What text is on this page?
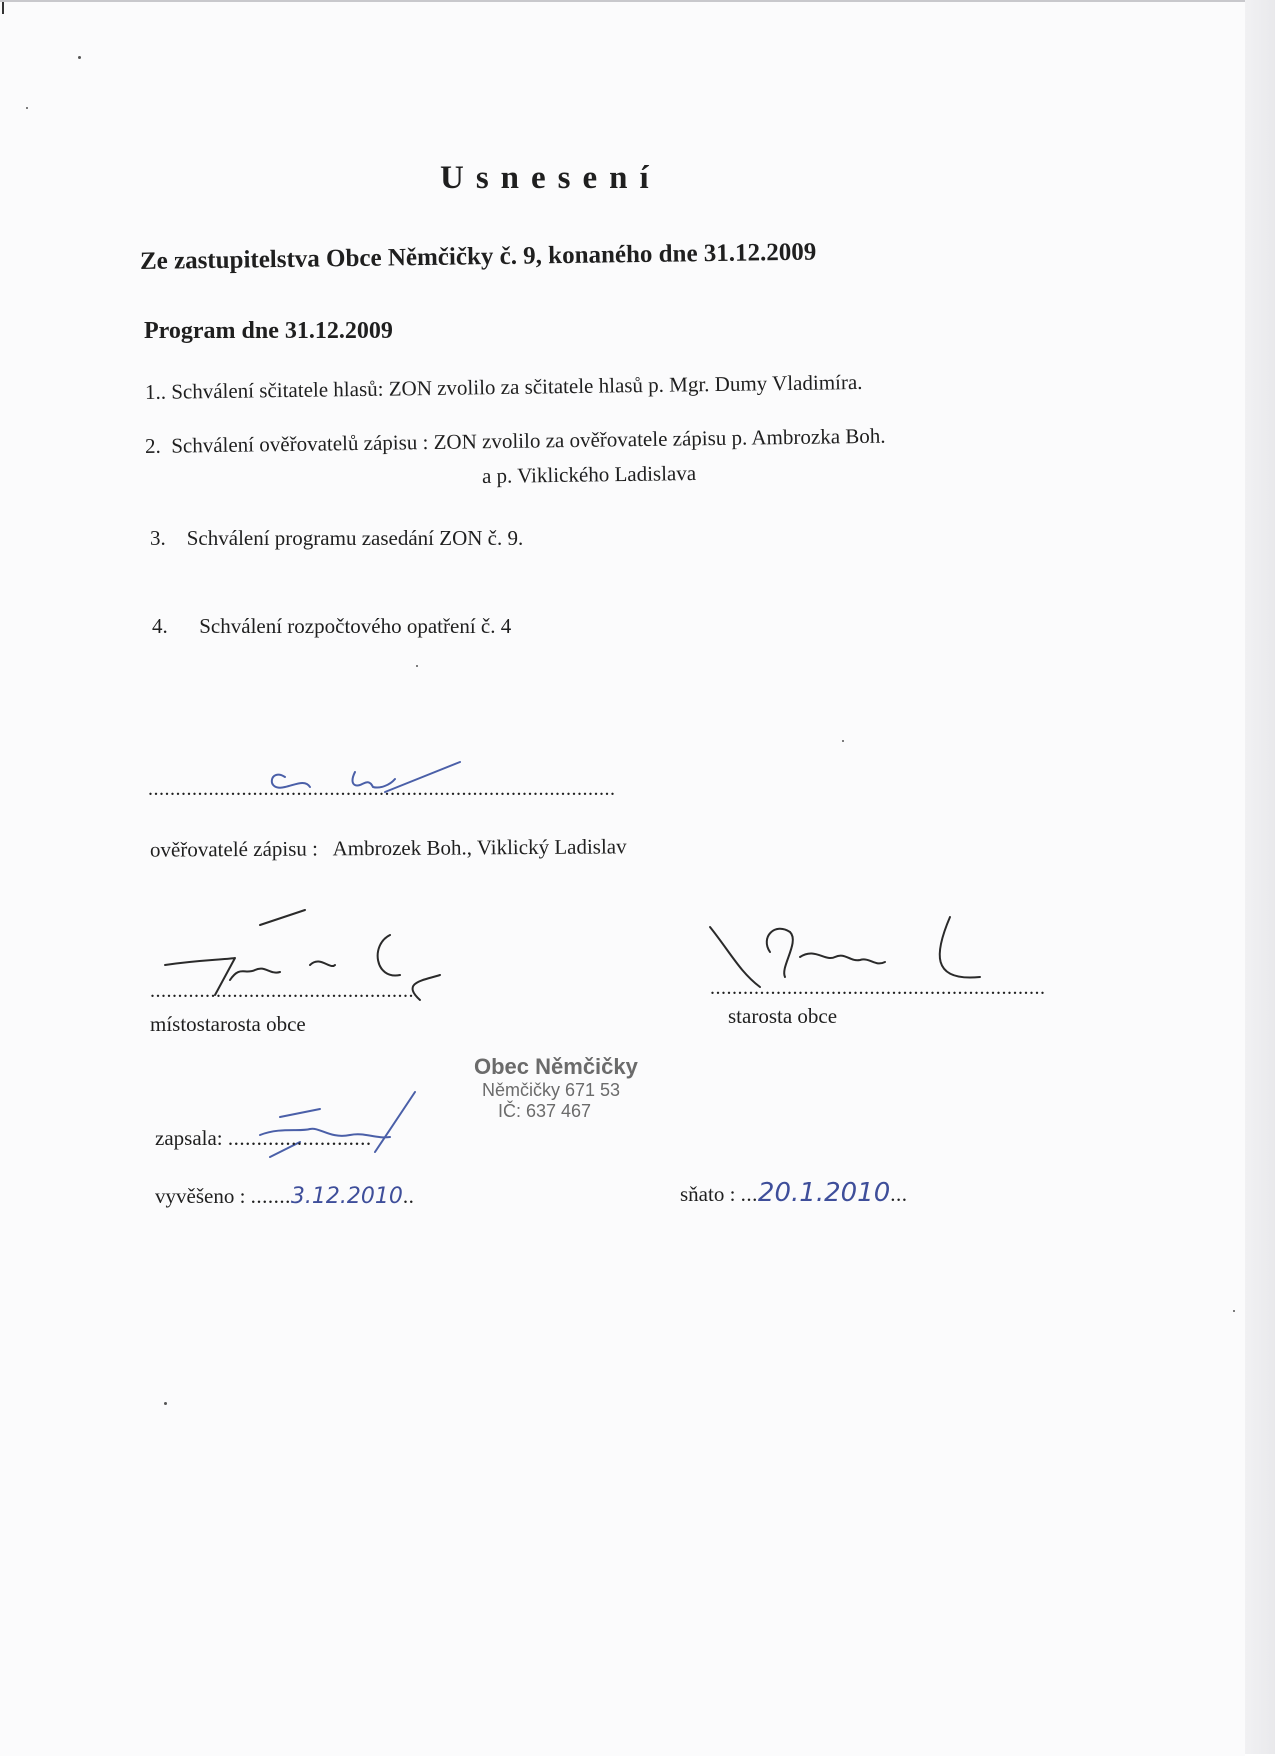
Usnesení
Ze zastupitelstva Obce Němčičky č. 9, konaného dne 31.12.2009
Program dne 31.12.2009
1.. Schválení sčitatele hlasů: ZON zvolilo za sčitatele hlasů p. Mgr. Dumy Vladimíra.
2. Schválení ověřovatelů zápisu : ZON zvolilo za ověřovatele zápisu p. Ambrozka Boh.
a p. Viklického Ladislava
3. Schválení programu zasedání ZON č. 9.
4. Schválení rozpočtového opatření č. 4
.....................................................................................
ověřovatelé zápisu : Ambrozek Boh., Viklický Ladislav
................................................
místostarosta obce
.............................................................
starosta obce
Obec Němčičky
Němčičky 671 53
IČ: 637 467
zapsala: .........................
vyvěšeno : .......3.12.2010..	sňato : ...20.1.2010...
